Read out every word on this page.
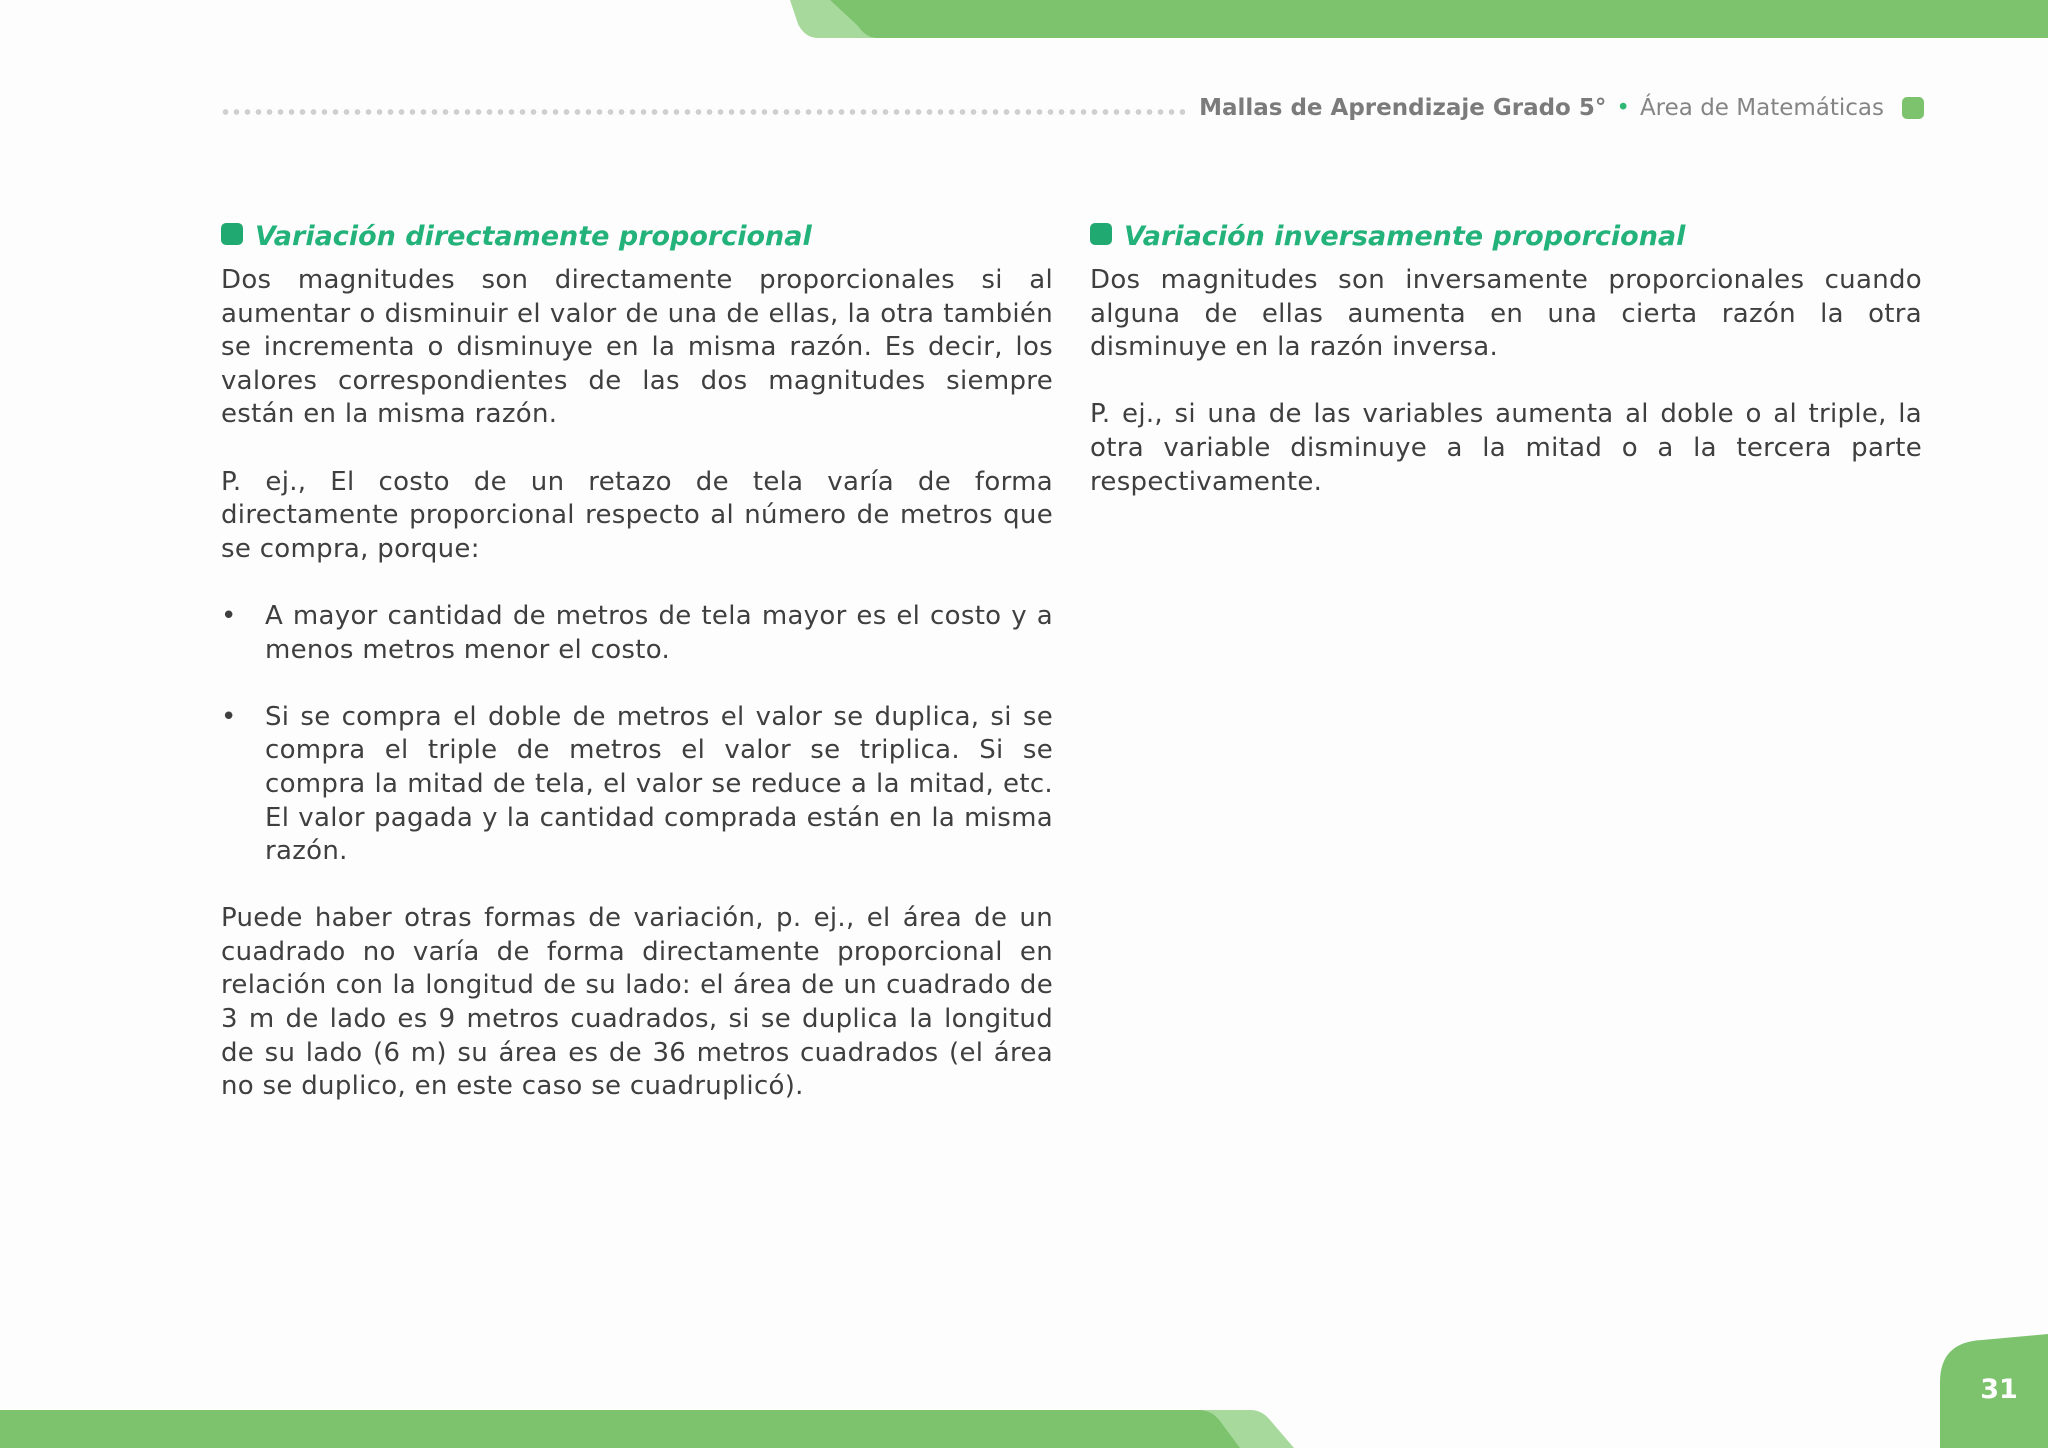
Mallas de Aprendizaje Grado 5° • Área de Matemáticas
Variación directamente proporcional

Dos magnitudes son directamente proporcionales si al aumentar o disminuir el valor de una de ellas, la otra también se incrementa o disminuye en la misma razón. Es decir, los valores correspondientes de las dos magnitudes siempre están en la misma razón.

P. ej., El costo de un retazo de tela varía de forma directamente proporcional respecto al número de metros que se compra, porque:

• A mayor cantidad de metros de tela mayor es el costo y a menos metros menor el costo.
• Si se compra el doble de metros el valor se duplica, si se compra el triple de metros el valor se triplica. Si se compra la mitad de tela, el valor se reduce a la mitad, etc. El valor pagada y la cantidad comprada están en la misma razón.

Puede haber otras formas de variación, p. ej., el área de un cuadrado no varía de forma directamente proporcional en relación con la longitud de su lado: el área de un cuadrado de 3 m de lado es 9 metros cuadrados, si se duplica la longitud de su lado (6 m) su área es de 36 metros cuadrados (el área no se duplico, en este caso se cuadruplicó).

Variación inversamente proporcional

Dos magnitudes son inversamente proporcionales cuando alguna de ellas aumenta en una cierta razón la otra disminuye en la razón inversa.

P. ej., si una de las variables aumenta al doble o al triple, la otra variable disminuye a la mitad o a la tercera parte respectivamente.

31
